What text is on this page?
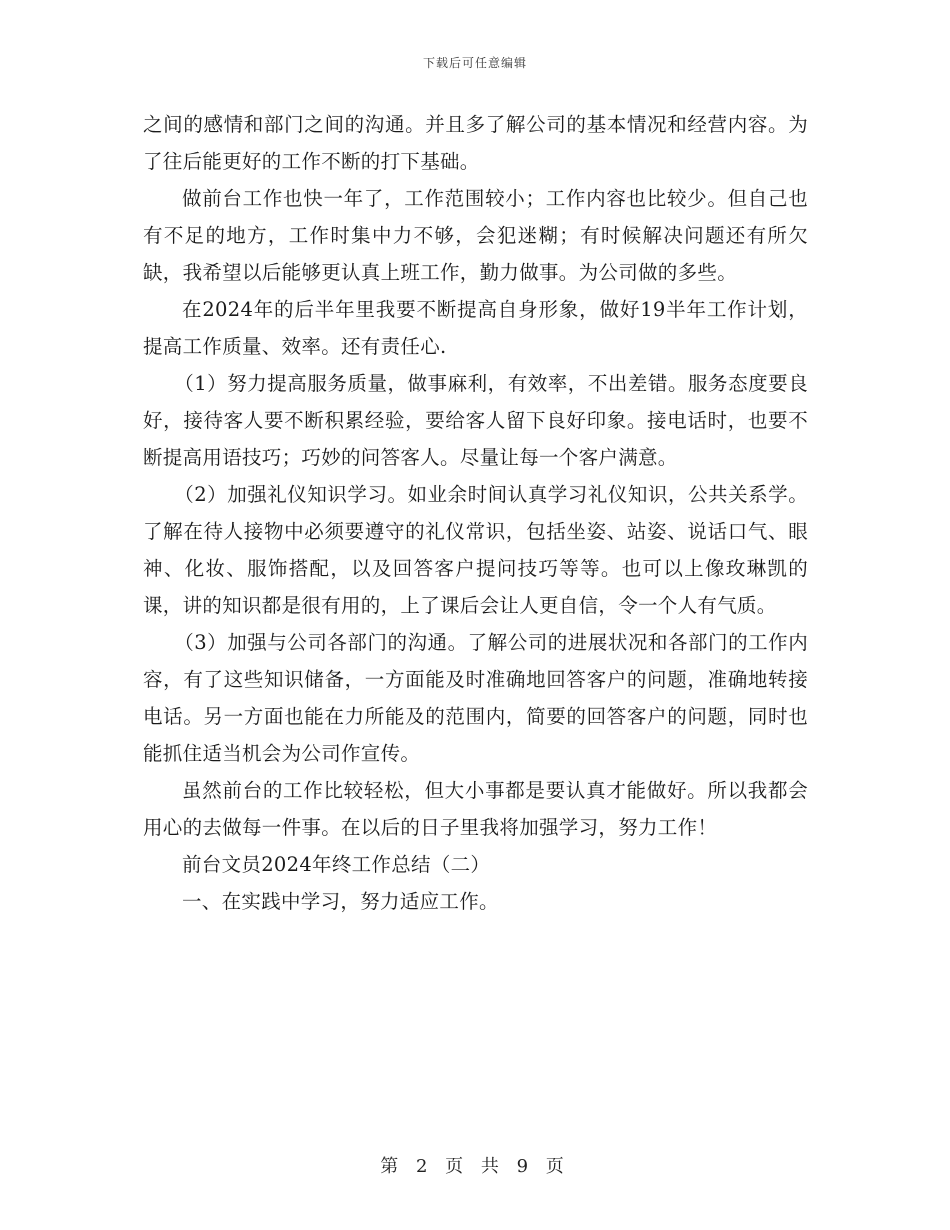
下载后可任意编辑

之间的感情和部门之间的沟通。并且多了解公司的基本情况和经营内容。为了往后能更好的工作不断的打下基础。

做前台工作也快一年了，工作范围较小；工作内容也比较少。但自己也有不足的地方，工作时集中力不够，会犯迷糊；有时候解决问题还有所欠缺，我希望以后能够更认真上班工作，勤力做事。为公司做的多些。

在2024年的后半年里我要不断提高自身形象，做好19半年工作计划，提高工作质量、效率。还有责任心.

（1）努力提高服务质量，做事麻利，有效率，不出差错。服务态度要良好，接待客人要不断积累经验，要给客人留下良好印象。接电话时，也要不断提高用语技巧；巧妙的问答客人。尽量让每一个客户满意。

（2）加强礼仪知识学习。如业余时间认真学习礼仪知识，公共关系学。了解在待人接物中必须要遵守的礼仪常识，包括坐姿、站姿、说话口气、眼神、化妆、服饰搭配，以及回答客户提问技巧等等。也可以上像玫琳凯的课，讲的知识都是很有用的，上了课后会让人更自信，令一个人有气质。

（3）加强与公司各部门的沟通。了解公司的进展状况和各部门的工作内容，有了这些知识储备，一方面能及时准确地回答客户的问题，准确地转接电话。另一方面也能在力所能及的范围内，简要的回答客户的问题，同时也能抓住适当机会为公司作宣传。

虽然前台的工作比较轻松，但大小事都是要认真才能做好。所以我都会用心的去做每一件事。在以后的日子里我将加强学习，努力工作！

前台文员2024年终工作总结（二）

一、在实践中学习，努力适应工作。

第 2 页 共 9 页
